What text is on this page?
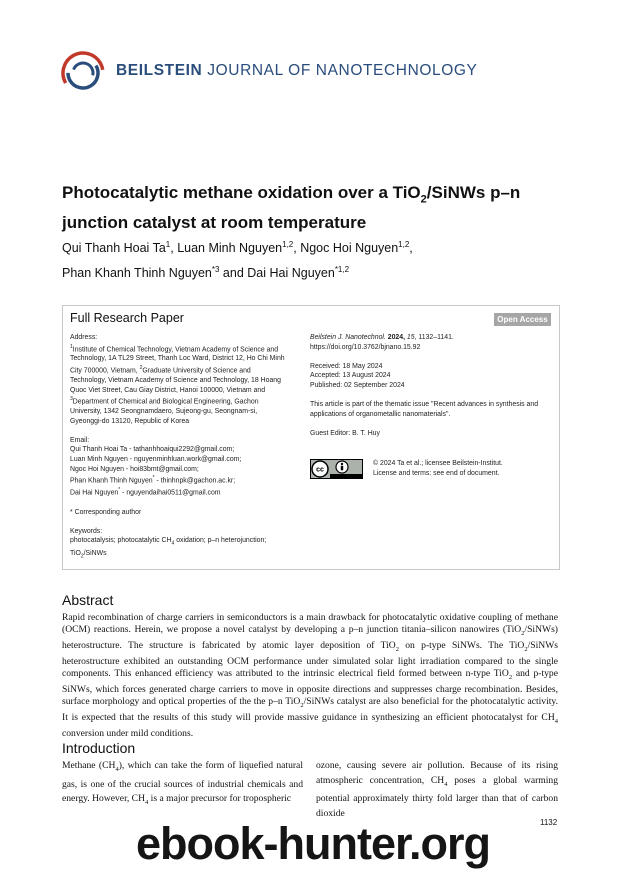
BEILSTEIN JOURNAL OF NANOTECHNOLOGY
Photocatalytic methane oxidation over a TiO$_2$/SiNWs p–n junction catalyst at room temperature
Qui Thanh Hoai Ta$^1$, Luan Minh Nguyen$^{1,2}$, Ngoc Hoi Nguyen$^{1,2}$,
Phan Khanh Thinh Nguyen$^{*3}$ and Dai Hai Nguyen$^{*1,2}$
Full Research Paper	Open Access
Address:
$^1$Institute of Chemical Technology, Vietnam Academy of Science and Technology, 1A TL29 Street, Thanh Loc Ward, District 12, Ho Chi Minh City 700000, Vietnam, $^2$Graduate University of Science and Technology, Vietnam Academy of Science and Technology, 18 Hoang Quoc Viet Street, Cau Giay District, Hanoi 100000, Vietnam and $^3$Department of Chemical and Biological Engineering, Gachon University, 1342 Seongnamdaero, Sujeong-gu, Seongnam-si, Gyeonggi-do 13120, Republic of Korea
Email:
Qui Thanh Hoai Ta - tathanhhoaiqui2292@gmail.com;
Luan Minh Nguyen - nguyenminhluan.work@gmail.com;
Ngoc Hoi Nguyen - hoi83bmt@gmail.com;
Phan Khanh Thinh Nguyen* - thinhnpk@gachon.ac.kr;
Dai Hai Nguyen* - nguyendaihai0511@gmail.com
* Corresponding author
Keywords:
photocatalysis; photocatalytic $CH_4$ oxidation; p–n heterojunction;
TiO$_2$/SiNWs
Beilstein J. Nanotechnol. 2024, 15, 1132–1141.
https://doi.org/10.3762/bjnano.15.92
Received: 18 May 2024
Accepted: 13 August 2024
Published: 02 September 2024
This article is part of the thematic issue "Recent advances in synthesis and applications of organometallic nanomaterials".
Guest Editor: B. T. Huy
cc
© 2024 Ta et al.; licensee Beilstein-Institut.
License and terms: see end of document.
Abstract
Rapid recombination of charge carriers in semiconductors is a main drawback for photocatalytic oxidative coupling of methane (OCM) reactions. Herein, we propose a novel catalyst by developing a p–n junction titania–silicon nanowires (TiO$_2$/SiNWs) heterostructure. The structure is fabricated by atomic layer deposition of TiO$_2$ on p-type SiNWs. The TiO$_2$/SiNWs heterostructure exhibited an outstanding OCM performance under simulated solar light irradiation compared to the single components. This enhanced efficiency was attributed to the intrinsic electrical field formed between n-type TiO$_2$ and p-type SiNWs, which forces generated charge carriers to move in opposite directions and suppresses charge recombination. Besides, surface morphology and optical properties of the the p–n TiO$_2$/SiNWs catalyst are also beneficial for the photocatalytic activity. It is expected that the results of this study will provide massive guidance in synthesizing an efficient photocatalyst for $CH_4$ conversion under mild conditions.
Introduction
Methane $(CH_4)$, which can take the form of liquefied natural gas, is one of the crucial sources of industrial chemicals and energy. However, $CH_4$ is a major precursor for tropospheric
ozone, causing severe air pollution. Because of its rising atmospheric concentration, $CH_4$ poses a global warming potential approximately thirty fold larger than that of carbon dioxide
1132
ebook-hunter.org
